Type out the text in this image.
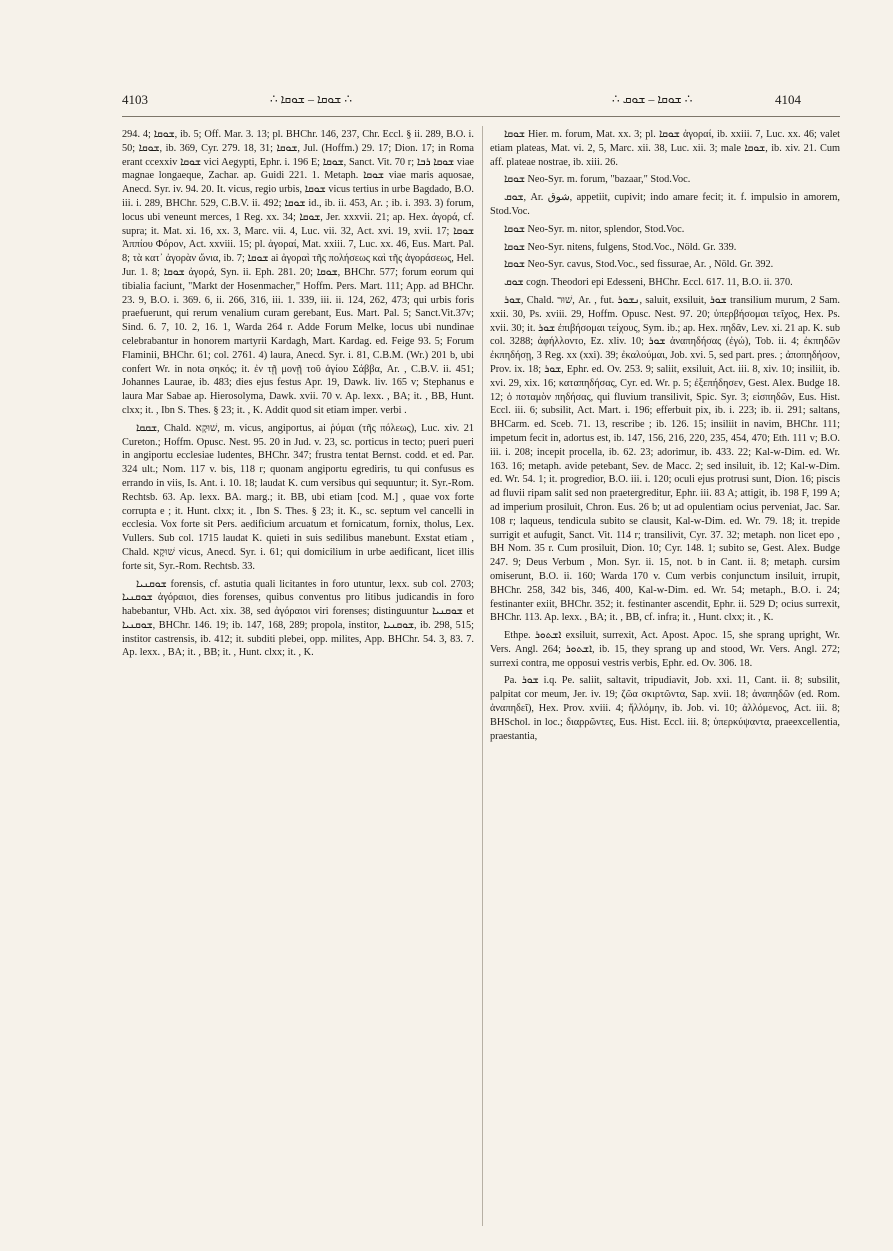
4103	∴ ܫܘܩܐ – ܫܘܩܐ ∴	∴ ܫܘܩܐ – ܫܘܩ ∴	4104

294. 4; ܫܘܩܐ, ib. 5; Off. Mar. 3. 13; pl. BHChr. 146, 237, Chr. Eccl. § ii. 289, B.O. i. 50; ܫܘܩܐ, ib. 369, Cyr. 279. 18, 31; ܫܘܩܐ, Jul. (Hoffm.) 29. 17; Dion. 17; in Roma erant ccexxiv ܫܘܩܐ vici Aegypti, Ephr. i. 196 E; ܫܘܩܐ, Sanct. Vit. 70 r; ܫܘܩܐ ܪܒܐ viae magnae longaeque, Zachar. ap. Guidi 221. 1. Metaph. ܫܘܩܐ viae maris aquosae, Anecd. Syr. iv. 94. 20. It. vicus, regio urbis, ܫܘܩܐ vicus tertius in urbe Bagdado, B.O. iii. i. 289, BHChr. 529, C.B.V. ii. 492; ܫܘܩܐ id., ib. ii. 453, Ar. ; ib. i. 393. 3) forum, locus ubi veneunt merces, 1 Reg. xx. 34; ܫܘܩܐ, Jer. xxxvii. 21; ap. Hex. ἀγορά, cf. supra; it. Mat. xi. 16, xx. 3, Marc. vii. 4, Luc. vii. 32, Act. xvi. 19, xvii. 17; ܫܘܩܐ Ἀππίου Φόρον, Act. xxviii. 15; pl. ἀγοραί, Mat. xxiii. 7, Luc. xx. 46, Eus. Mart. Pal. 8; τὰ κατ᾽ ἀγορὰν ὤνια, ib. 7; ܫܘܩܐ ai ἀγοραὶ τῆς πολήσεως καὶ τῆς ἀγοράσεως, Hel. Jur. 1. 8; ܫܘܩܐ ἀγορά, Syn. ii. Eph. 281. 20; ܫܘܩܐ, BHChr. 577; forum eorum qui tibialia faciunt, "Markt der Hosenmacher," Hoffm. Pers. Mart. 111; App. ad BHChr. 23. 9, B.O. i. 369. 6, ii. 266, 316, iii. 1. 339, iii. ii. 124, 262, 473; qui urbis foris praefuerunt, qui rerum venalium curam gerebant, Eus. Mart. Pal. 5; Sanct.Vit.37v; Sind. 6. 7, 10. 2, 16. 1, Warda 264 r. Adde Forum Melke, locus ubi nundinae celebrabantur in honorem martyrii Kardagh, Mart. Kardag. ed. Feige 93. 5; Forum Flaminii, BHChr. 61; col. 2761. 4) laura, Anecd. Syr. i. 81, C.B.M. (Wr.) 201 b, ubi confert Wr. in nota σηκός; it. ἐν τῇ μονῇ τοῦ ἁγίου Σάββα, Ar. , C.B.V. ii. 451; Johannes Laurae, ib. 483; dies ejus festus Apr. 19, Dawk. liv. 165 v; Stephanus e laura Mar Sabae ap. Hierosolyma, Dawk. xvii. 70 v. Ap. lexx. , BA; it. , BB, Hunt. clxx; it. , Ibn S. Thes. § 23; it. , K. Addit quod sit etiam imper. verbi .

ܫܩܩܐ, Chald. שׁוּקָא, m. vicus, angiportus, ai ῥύμαι (τῆς πόλεως), Luc. xiv. 21 Cureton.; Hoffm. Opusc. Nest. 95. 20 in Jud. v. 23, sc. porticus in tecto; pueri pueri in angiportu ecclesiae ludentes, BHChr. 347; frustra tentat Bernst. codd. et ed. Par. 324 ult.; Nom. 117 v. bis, 118 r; quonam angiportu egrediris, tu qui confusus es errando in viis, Is. Ant. i. 10. 18; laudat K. cum versibus qui sequuntur; it. Syr.-Rom. Rechtsb. 63. Ap. lexx. BA. marg.; it. BB, ubi etiam [cod. M.] , quae vox forte corrupta e ; it. Hunt. clxx; it. , Ibn S. Thes. § 23; it. K., sc. septum vel cancelli in ecclesia. Vox forte sit Pers. aedificium arcuatum et fornicatum, fornix, tholus, Lex. Vullers. Sub col. 1715 laudat K. quieti in suis sedilibus manebunt. Exstat etiam , Chald. שׁוּקָא vicus, Anecd. Syr. i. 61; qui domicilium in urbe aedificant, licet illis forte sit, Syr.-Rom. Rechtsb. 33.

ܫܘܩܢܝܐ forensis, cf. astutia quali licitantes in foro utuntur, lexx. sub col. 2703; ܫܘܩܢܝܐ ἀγόραιοι, dies forenses, quibus conventus pro litibus judicandis in foro habebantur, VHb. Act. xix. 38, sed ἀγόραιοι viri forenses; distinguuntur ܫܘܩܢܝܐ et ܫܘܩܢܝܐ, BHChr. 146. 19; ib. 147, 168, 289; propola, institor, ܫܘܩܢܝܐ, ib. 298, 515; institor castrensis, ib. 412; it. subditi plebei, opp. milites, App. BHChr. 54. 3, 83. 7. Ap. lexx. , BA; it. , BB; it. , Hunt. clxx; it. , K.

ܫܘܩܐ Hier. m. forum, Mat. xx. 3; pl. ܫܘܩܐ ἀγοραί, ib. xxiii. 7, Luc. xx. 46; valet etiam plateas, Mat. vi. 2, 5, Marc. xii. 38, Luc. xii. 3; male ܫܘܩܐ, ib. xiv. 21. Cum aff. plateae nostrae, ib. xiii. 26.

ܫܘܩܐ Neo-Syr. m. forum, "bazaar," Stod.Voc.

ܫܘܩ, Ar. شوق, appetiit, cupivit; indo amare fecit; it. f. impulsio in amorem, Stod.Voc.

ܫܘܩܐ Neo-Syr. m. nitor, splendor, Stod.Voc.

ܫܘܩܐ Neo-Syr. nitens, fulgens, Stod.Voc., Nöld. Gr. 339.

ܫܘܩܐ Neo-Syr. cavus, Stod.Voc., sed fissurae, Ar. , Nöld. Gr. 392.

ܫܘܩ cogn. Theodori epi Edesseni, BHChr. Eccl. 617. 11, B.O. ii. 370.

ܫܘܪ, Chald. שׁוּר, Ar. , fut. ܢܫܘܪ, saluit, exsiluit, ܫܘܪ transilium murum, 2 Sam. xxii. 30, Ps. xviii. 29, Hoffm. Opusc. Nest. 97. 20; ὑπερβήσομαι τεῖχος, Hex. Ps. xvii. 30; it. ܫܘܪ ἐπιβήσομαι τείχους, Sym. ib.; ap. Hex. πηδᾶν, Lev. xi. 21 ap. K. sub col. 3288; ἀφήλλοντο, Ez. xliv. 10; ܫܘܪ ἀναπηδήσας (ἐγώ), Tob. ii. 4; ἐκπηδῶν ἐκπηδήσῃ, 3 Reg. xx (xxi). 39; ἐκαλούμαι, Job. xvi. 5, sed part. pres. ; ἀποπηδήσον, Prov. ix. 18; ܫܘܪ, Ephr. ed. Ov. 253. 9; saliit, exsiluit, Act. iii. 8, xiv. 10; insiliit, ib. xvi. 29, xix. 16; καταπηδήσας, Cyr. ed. Wr. p. 5; ἐξεπήδησεν, Gest. Alex. Budge 18. 12; ὁ ποταμὸν πηδήσας, qui fluvium transilivit, Spic. Syr. 3; εἰσπηδῶν, Eus. Hist. Eccl. iii. 6; subsilit, Act. Mart. i. 196; efferbuit pix, ib. i. 223; ib. ii. 291; saltans, BHCarm. ed. Sceb. 71. 13, rescribe ; ib. 126. 15; insiliit in navim, BHChr. 111; impetum fecit in, adortus est, ib. 147, 156, 216, 220, 235, 454, 470; Eth. 111 v; B.O. iii. i. 208; incepit procella, ib. 62. 23; adorimur, ib. 433. 22; Kal-w-Dim. ed. Wr. 163. 16; metaph. avide petebant, Sev. de Macc. 2; sed insiluit, ib. 12; Kal-w-Dim. ed. Wr. 54. 1; it. progredior, B.O. iii. i. 120; oculi ejus protrusi sunt, Dion. 16; piscis ad fluvii ripam salit sed non praetergreditur, Ephr. iii. 83 A; attigit, ib. 198 F, 199 A; ad imperium prosiluit, Chron. Eus. 26 b; ut ad opulentiam ocius perveniat, Jac. Sar. 108 r; laqueus, tendicula subito se clausit, Kal-w-Dim. ed. Wr. 79. 18; it. trepide surrigit et aufugit, Sanct. Vit. 114 r; transilivit, Cyr. 37. 32; metaph. non licet epo , BH Nom. 35 r. Cum prosiluit, Dion. 10; Cyr. 148. 1; subito se, Gest. Alex. Budge 247. 9; Deus Verbum , Mon. Syr. ii. 15, not. b in Cant. ii. 8; metaph. cursim omiserunt, B.O. ii. 160; Warda 170 v. Cum verbis conjunctum insiluit, irrupit, BHChr. 258, 342 bis, 346, 400, Kal-w-Dim. ed. Wr. 54; metaph., B.O. i. 24; festinanter exiit, BHChr. 352; it. festinanter ascendit, Ephr. ii. 529 D; ocius surrexit, BHChr. 113. Ap. lexx. , BA; it. , BB, cf. infra; it. , Hunt. clxx; it. , K.

Ethpe. ܐܫܬܘܪ exsiluit, surrexit, Act. Apost. Apoc. 15, she sprang upright, Wr. Vers. Angl. 264; ܐܫܬܘܪ, ib. 15, they sprang up and stood, Wr. Vers. Angl. 272; surrexi contra, me opposui vestris verbis, Ephr. ed. Ov. 306. 18.

Pa. ܫܘܪ i.q. Pe. saliit, saltavit, tripudiavit, Job. xxi. 11, Cant. ii. 8; subsilit, palpitat cor meum, Jer. iv. 19; ζῶα σκιρτῶντα, Sap. xvii. 18; ἀναπηδῶν (ed. Rom. ἀναπηδεῖ), Hex. Prov. xviii. 4; ἤλλόμην, ib. Job. vi. 10; ἀλλόμενος, Act. iii. 8; BHSchol. in loc.; διαρρῶντες, Eus. Hist. Eccl. iii. 8; ὑπερκύψαντα, praeexcellentia, praestantia,
